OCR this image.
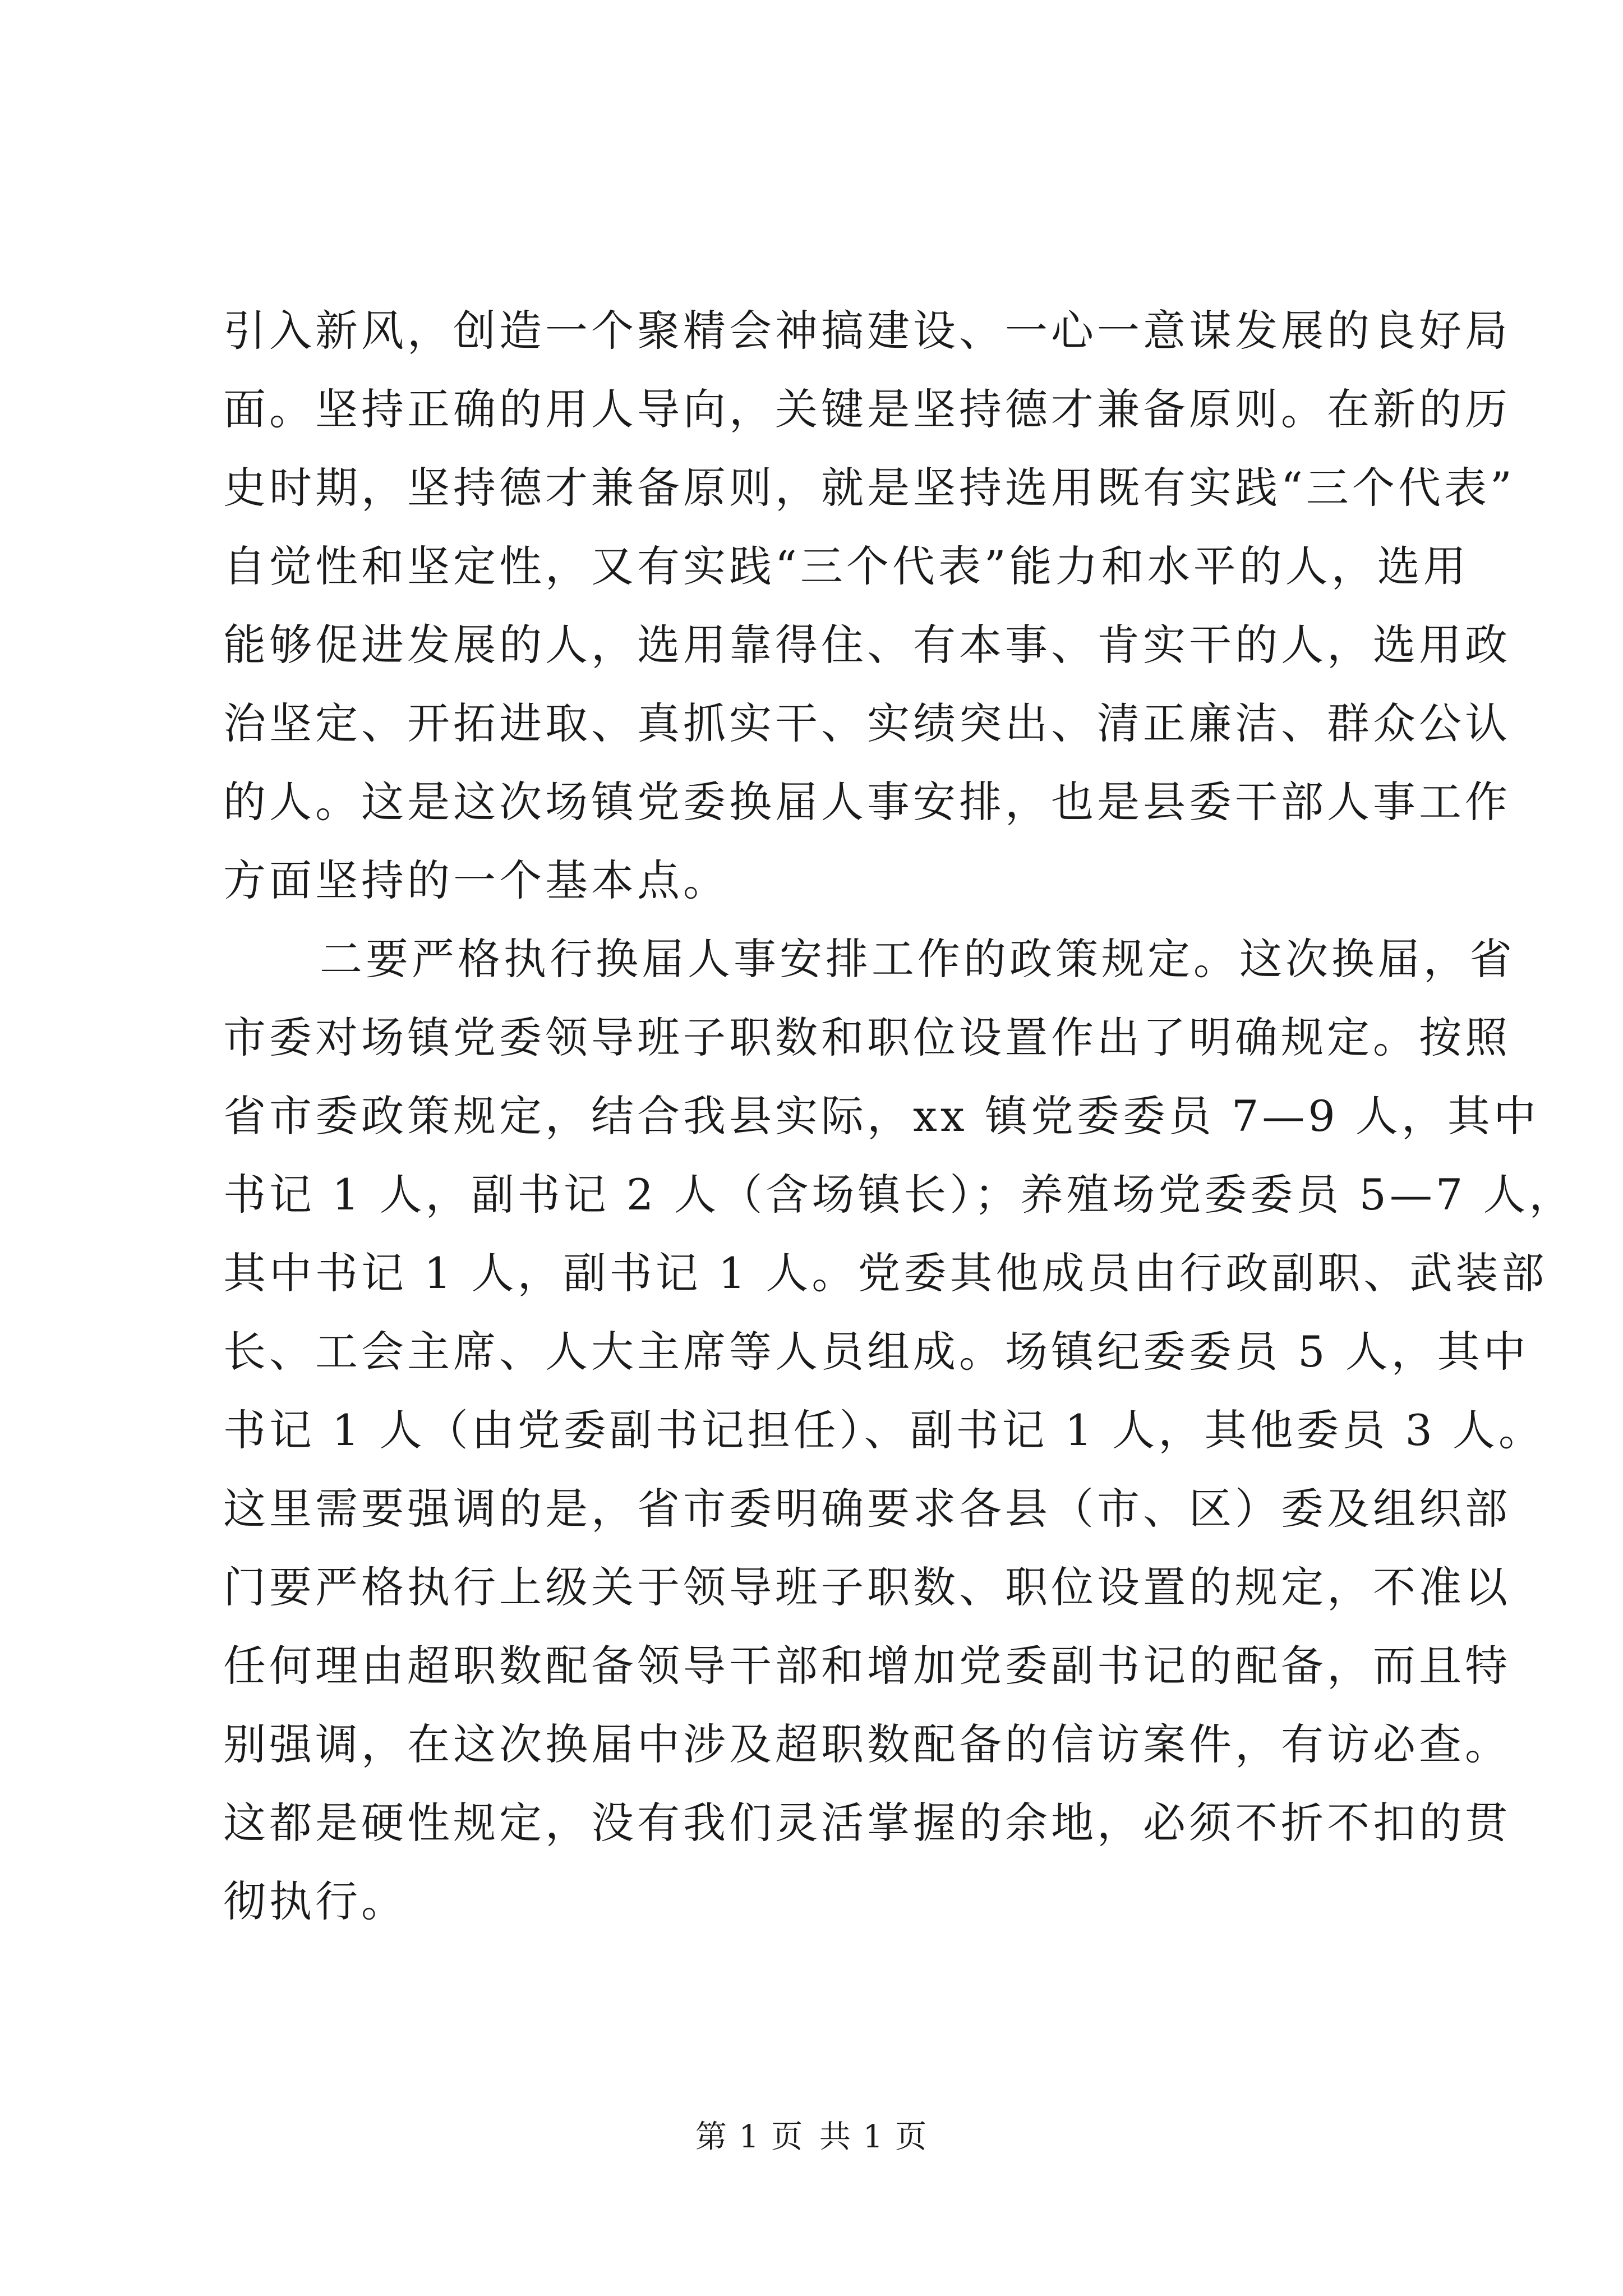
引入新风，创造一个聚精会神搞建设、一心一意谋发展的良好局
面。坚持正确的用人导向，关键是坚持德才兼备原则。在新的历
史时期，坚持德才兼备原则，就是坚持选用既有实践“三个代表”
自觉性和坚定性，又有实践“三个代表”能力和水平的人，选用
能够促进发展的人，选用靠得住、有本事、肯实干的人，选用政
治坚定、开拓进取、真抓实干、实绩突出、清正廉洁、群众公认
的人。这是这次场镇党委换届人事安排，也是县委干部人事工作
方面坚持的一个基本点。
二要严格执行换届人事安排工作的政策规定。这次换届，省
市委对场镇党委领导班子职数和职位设置作出了明确规定。按照
省市委政策规定，结合我县实际，xx 镇党委委员 7—9 人，其中
书记 1 人，副书记 2 人（含场镇长）；养殖场党委委员 5—7 人，
其中书记 1 人，副书记 1 人。党委其他成员由行政副职、武装部
长、工会主席、人大主席等人员组成。场镇纪委委员 5 人，其中
书记 1 人（由党委副书记担任）、副书记 1 人，其他委员 3 人。
这里需要强调的是，省市委明确要求各县（市、区）委及组织部
门要严格执行上级关于领导班子职数、职位设置的规定，不准以
任何理由超职数配备领导干部和增加党委副书记的配备，而且特
别强调，在这次换届中涉及超职数配备的信访案件，有访必查。
这都是硬性规定，没有我们灵活掌握的余地，必须不折不扣的贯
彻执行。
第 1 页 共 1 页
